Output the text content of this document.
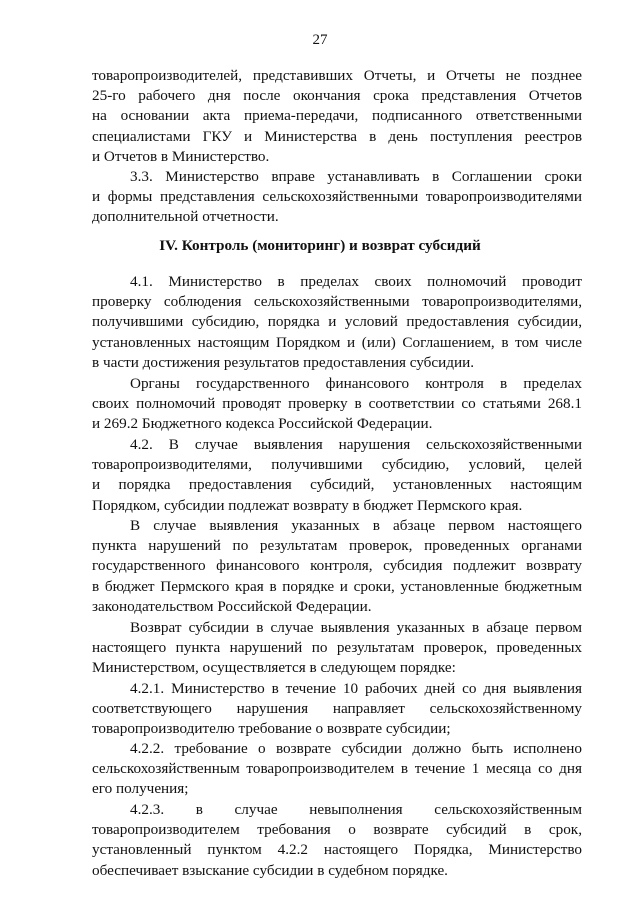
27
товаропроизводителей, представивших Отчеты, и Отчеты не позднее
25-го рабочего дня после окончания срока представления Отчетов
на основании акта приема-передачи, подписанного ответственными
специалистами ГКУ и Министерства в день поступления реестров
и Отчетов в Министерство.
3.3. Министерство вправе устанавливать в Соглашении сроки
и формы представления сельскохозяйственными товаропроизводителями
дополнительной отчетности.
IV. Контроль (мониторинг) и возврат субсидий
4.1. Министерство в пределах своих полномочий проводит
проверку соблюдения сельскохозяйственными товаропроизводителями,
получившими субсидию, порядка и условий предоставления субсидии,
установленных настоящим Порядком и (или) Соглашением, в том числе
в части достижения результатов предоставления субсидии.
Органы государственного финансового контроля в пределах
своих полномочий проводят проверку в соответствии со статьями 268.1
и 269.2 Бюджетного кодекса Российской Федерации.
4.2. В случае выявления нарушения сельскохозяйственными
товаропроизводителями, получившими субсидию, условий, целей
и порядка предоставления субсидий, установленных настоящим
Порядком, субсидии подлежат возврату в бюджет Пермского края.
В случае выявления указанных в абзаце первом настоящего
пункта нарушений по результатам проверок, проведенных органами
государственного финансового контроля, субсидия подлежит возврату
в бюджет Пермского края в порядке и сроки, установленные бюджетным
законодательством Российской Федерации.
Возврат субсидии в случае выявления указанных в абзаце первом
настоящего пункта нарушений по результатам проверок, проведенных
Министерством, осуществляется в следующем порядке:
4.2.1. Министерство в течение 10 рабочих дней со дня выявления
соответствующего нарушения направляет сельскохозяйственному
товаропроизводителю требование о возврате субсидии;
4.2.2. требование о возврате субсидии должно быть исполнено
сельскохозяйственным товаропроизводителем в течение 1 месяца со дня
его получения;
4.2.3. в случае невыполнения сельскохозяйственным
товаропроизводителем требования о возврате субсидий в срок,
установленный пунктом 4.2.2 настоящего Порядка, Министерство
обеспечивает взыскание субсидии в судебном порядке.
